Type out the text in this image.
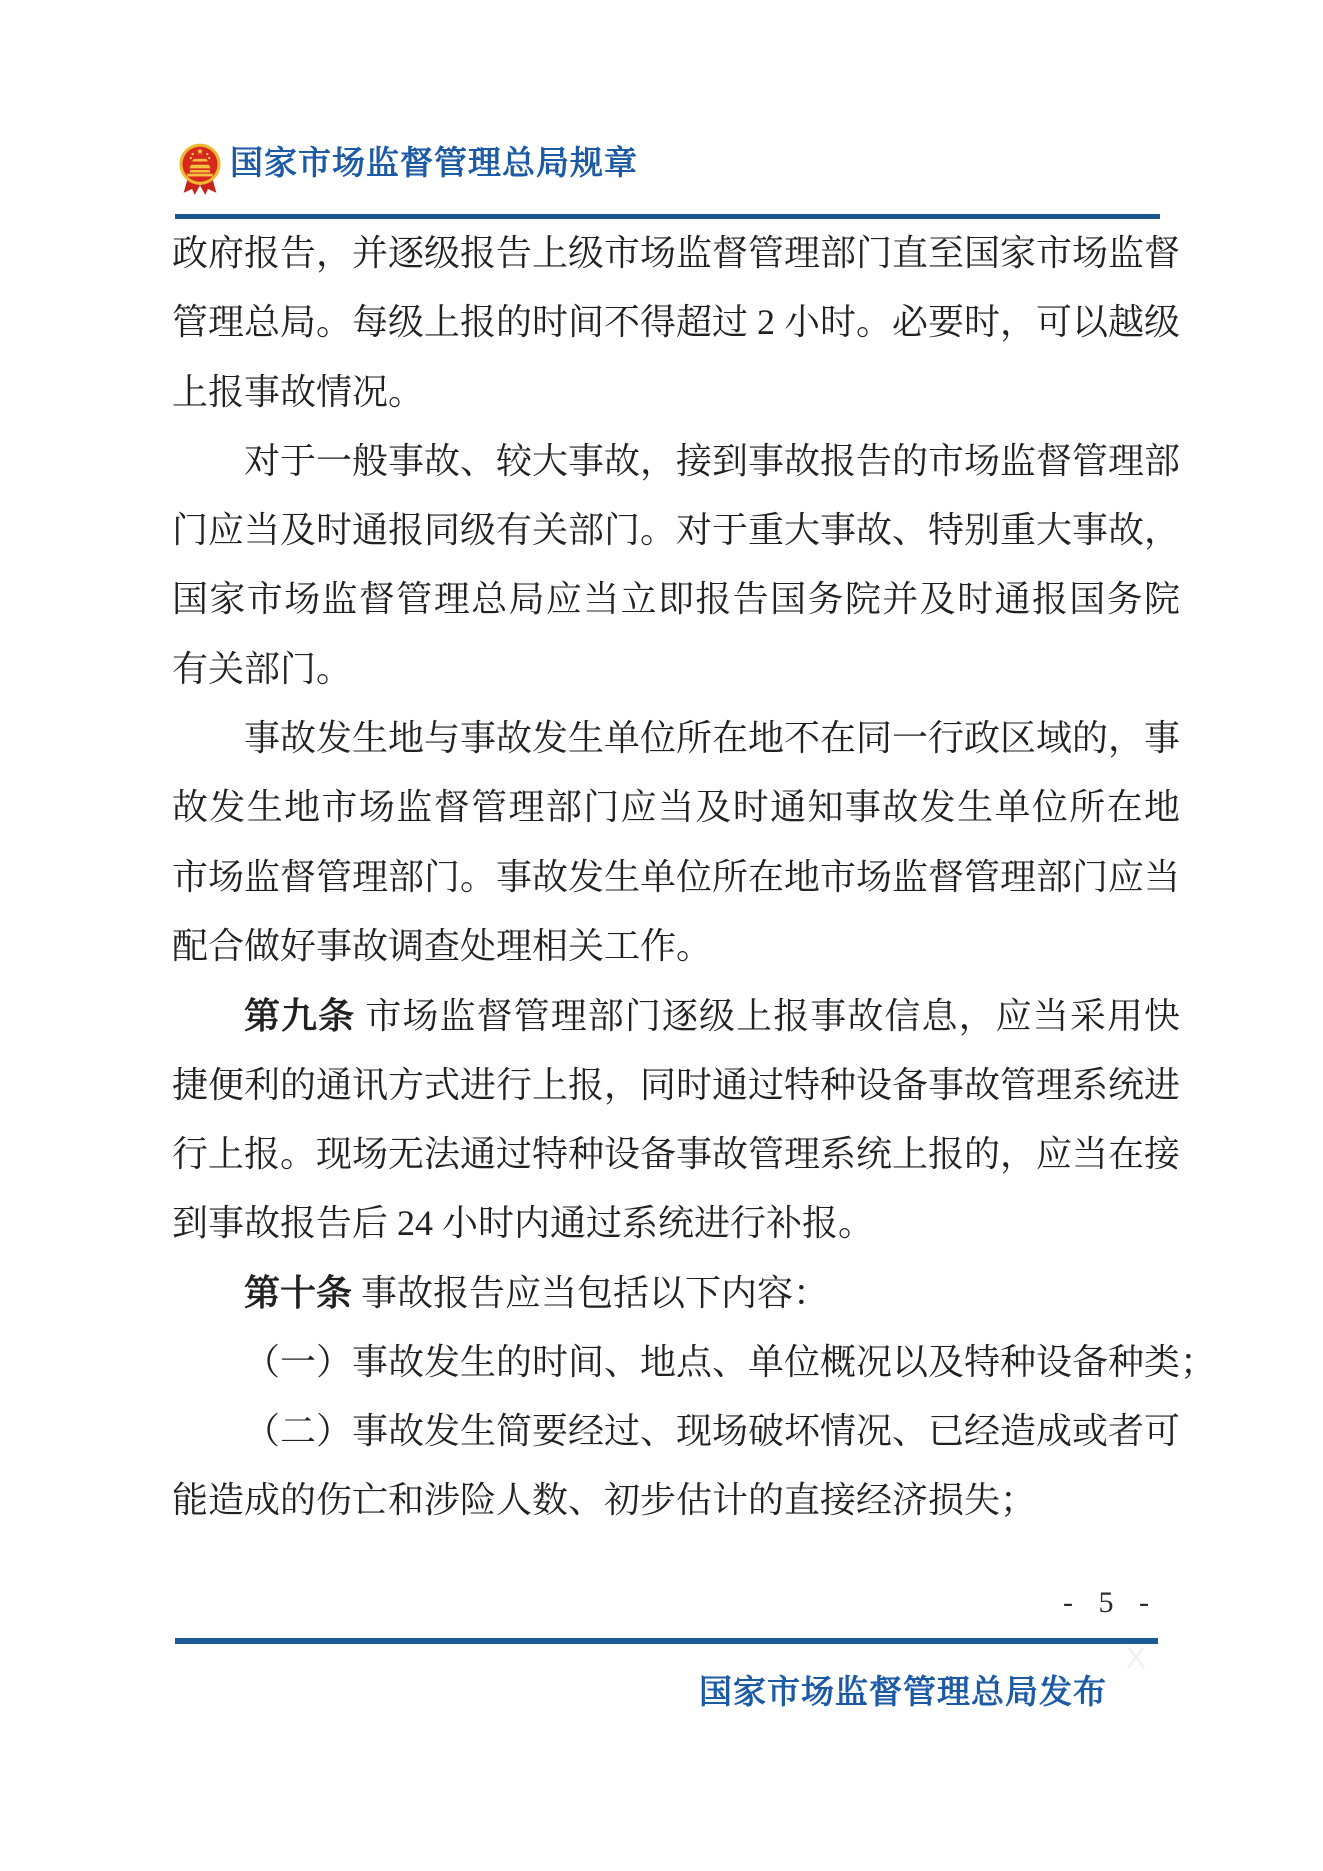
国家市场监督管理总局规章
政府报告，并逐级报告上级市场监督管理部门直至国家市场监督
管理总局。每级上报的时间不得超过 2 小时。必要时，可以越级
上报事故情况。
对于一般事故、较大事故，接到事故报告的市场监督管理部
门应当及时通报同级有关部门。对于重大事故、特别重大事故，
国家市场监督管理总局应当立即报告国务院并及时通报国务院
有关部门。
事故发生地与事故发生单位所在地不在同一行政区域的，事
故发生地市场监督管理部门应当及时通知事故发生单位所在地
市场监督管理部门。事故发生单位所在地市场监督管理部门应当
配合做好事故调查处理相关工作。
第九条 市场监督管理部门逐级上报事故信息，应当采用快
捷便利的通讯方式进行上报，同时通过特种设备事故管理系统进
行上报。现场无法通过特种设备事故管理系统上报的，应当在接
到事故报告后 24 小时内通过系统进行补报。
第十条 事故报告应当包括以下内容：
（一）事故发生的时间、地点、单位概况以及特种设备种类；
（二）事故发生简要经过、现场破坏情况、已经造成或者可
能造成的伤亡和涉险人数、初步估计的直接经济损失；
- 5 -
X
国家市场监督管理总局发布
